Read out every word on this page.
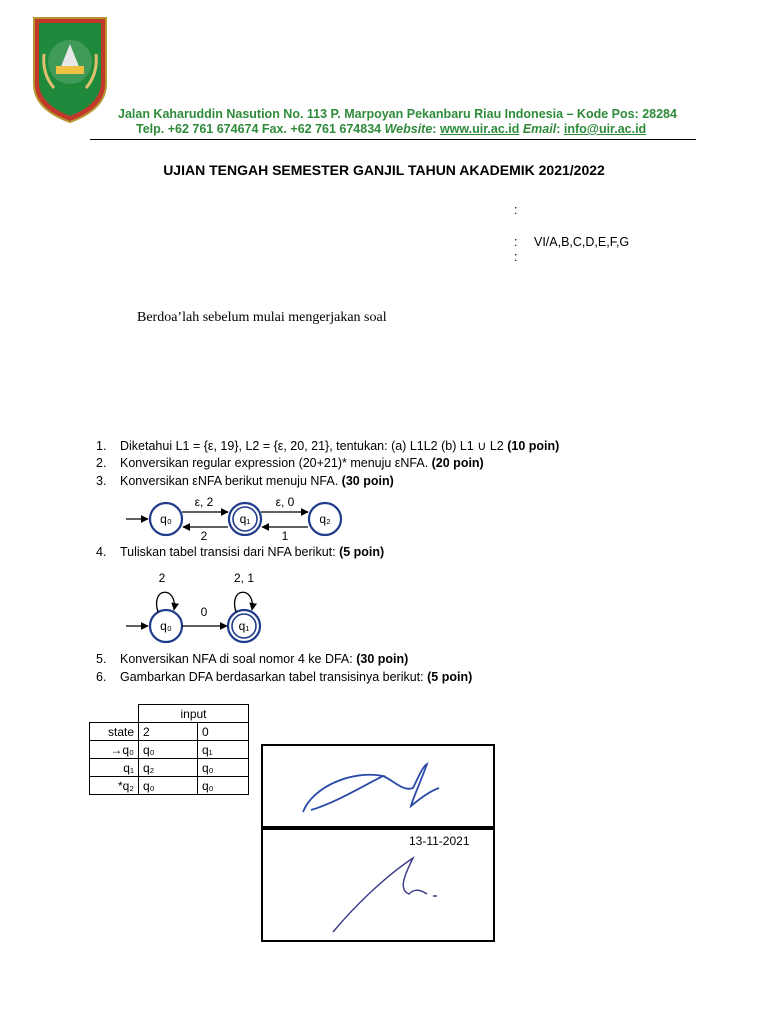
Jalan Kaharuddin Nasution No. 113 P. Marpoyan Pekanbaru Riau Indonesia – Kode Pos: 28284
Telp. +62 761 674674 Fax. +62 761 674834 Website: www.uir.ac.id Email: info@uir.ac.id
UJIAN TENGAH SEMESTER GANJIL TAHUN AKADEMIK 2021/2022
:
: VI/A,B,C,D,E,F,G
:
Berdoa’lah sebelum mulai mengerjakan soal
1. Diketahui L1 = {ε, 19}, L2 = {ε, 20, 21}, tentukan: (a) L1L2 (b) L1 ∪ L2 (10 poin)
2. Konversikan regular expression (20+21)* menuju εNFA. (20 poin)
3. Konversikan εNFA berikut menuju NFA. (30 poin)
q₀	q₁	q₂
ε, 2
2
ε, 0
1
4. Tuliskan tabel transisi dari NFA berikut: (5 poin)
q₀	q₁
2	2, 1
0
5. Konversikan NFA di soal nomor 4 ke DFA: (30 poin)
6. Gambarkan DFA berdasarkan tabel transisinya berikut: (5 poin)
	input	
state	2	0
→q₀	q₀	q₁
q₁	q₂	q₀
*q₂	q₀	q₀
13-11-2021
